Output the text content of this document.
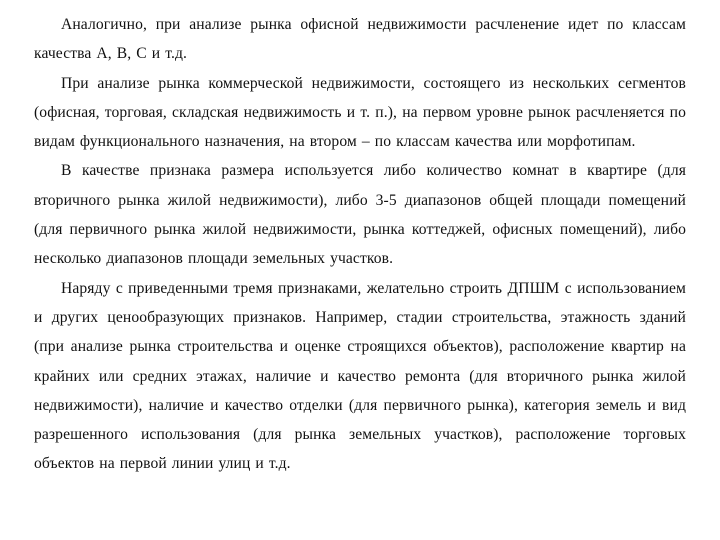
Аналогично, при анализе рынка офисной недвижимости расчленение идет по классам качества А, В, С и т.д.

При анализе рынка коммерческой недвижимости, состоящего из нескольких сегментов (офисная, торговая, складская недвижимость и т. п.), на первом уровне рынок расчленяется по видам функционального назначения, на втором – по классам качества или морфотипам.

В качестве признака размера используется либо количество комнат в квартире (для вторичного рынка жилой недвижимости), либо 3-5 диапазонов общей площади помещений (для первичного рынка жилой недвижимости, рынка коттеджей, офисных помещений), либо несколько диапазонов площади земельных участков.

Наряду с приведенными тремя признаками, желательно строить ДПШМ с использованием и других ценообразующих признаков. Например, стадии строительства, этажность зданий (при анализе рынка строительства и оценке строящихся объектов), расположение квартир на крайних или средних этажах, наличие и качество ремонта (для вторичного рынка жилой недвижимости), наличие и качество отделки (для первичного рынка), категория земель и вид разрешенного использования (для рынка земельных участков), расположение торговых объектов на первой линии улиц и т.д.
